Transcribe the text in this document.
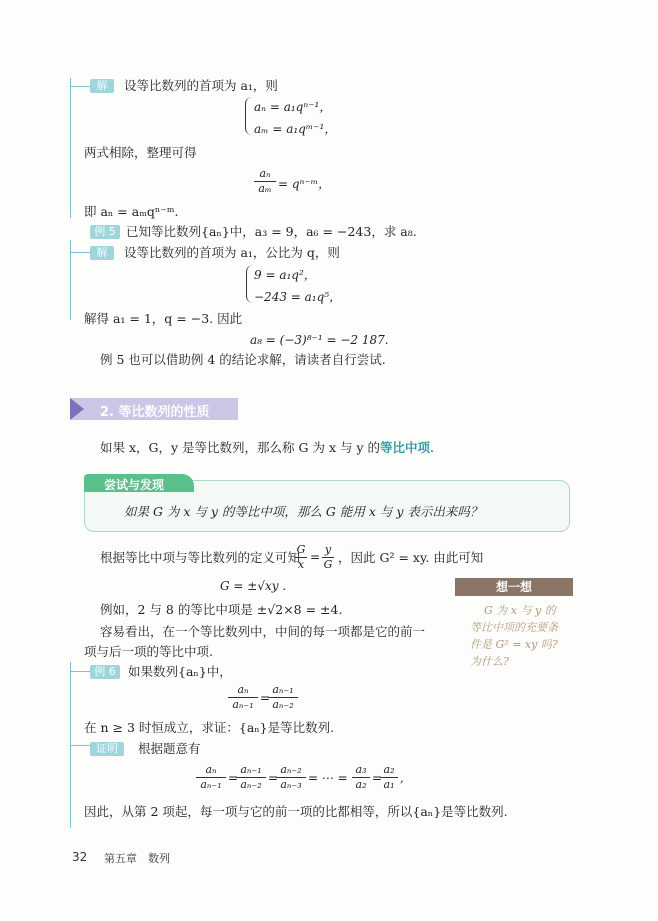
解	设等比数列的首项为 a₁，则
aₙ = a₁qⁿ⁻¹，
aₘ = a₁qᵐ⁻¹，
两式相除，整理可得
aₙ
aₘ = qⁿ⁻ᵐ，
即 aₙ = aₘqⁿ⁻ᵐ.
例 5 已知等比数列{aₙ}中，a₃ = 9，a₆ = −243，求 a₈.
解	设等比数列的首项为 a₁，公比为 q，则
9 = a₁q²，
−243 = a₁q⁵，
解得 a₁ = 1，q = −3. 因此
a₈ = (−3)⁸⁻¹ = −2 187.
例 5 也可以借助例 4 的结论求解，请读者自行尝试.
2. 等比数列的性质
如果 x，G，y 是等比数列，那么称 G 为 x 与 y 的等比中项.
尝试与发现
如果 G 为 x 与 y 的等比中项，那么 G 能用 x 与 y 表示出来吗？
根据等比中项与等比数列的定义可知
G
x
=
y
G ，因此 G² = xy. 由此可知
G = ±√xy .
例如，2 与 8 的等比中项是 ±√2×8 = ±4.
容易看出，在一个等比数列中，中间的每一项都是它的前一
项与后一项的等比中项.
想一想
G 为 x 与 y 的
等比中项的充要条
件是 G² = xy 吗?
为什么?
例 6 如果数列{aₙ}中，
aₙ
aₙ₋₁ =
aₙ₋₁
aₙ₋₂
在 n ≥ 3 时恒成立，求证：{aₙ}是等比数列.
证明	根据题意有
aₙ
aₙ₋₁ =
aₙ₋₁
aₙ₋₂ =
aₙ₋₂
aₙ₋₃ = ⋯ =
a₃
a₂ =
a₂
a₁ ,
因此，从第 2 项起，每一项与它的前一项的比都相等，所以{aₙ}是等比数列.
32 第五章　数列
